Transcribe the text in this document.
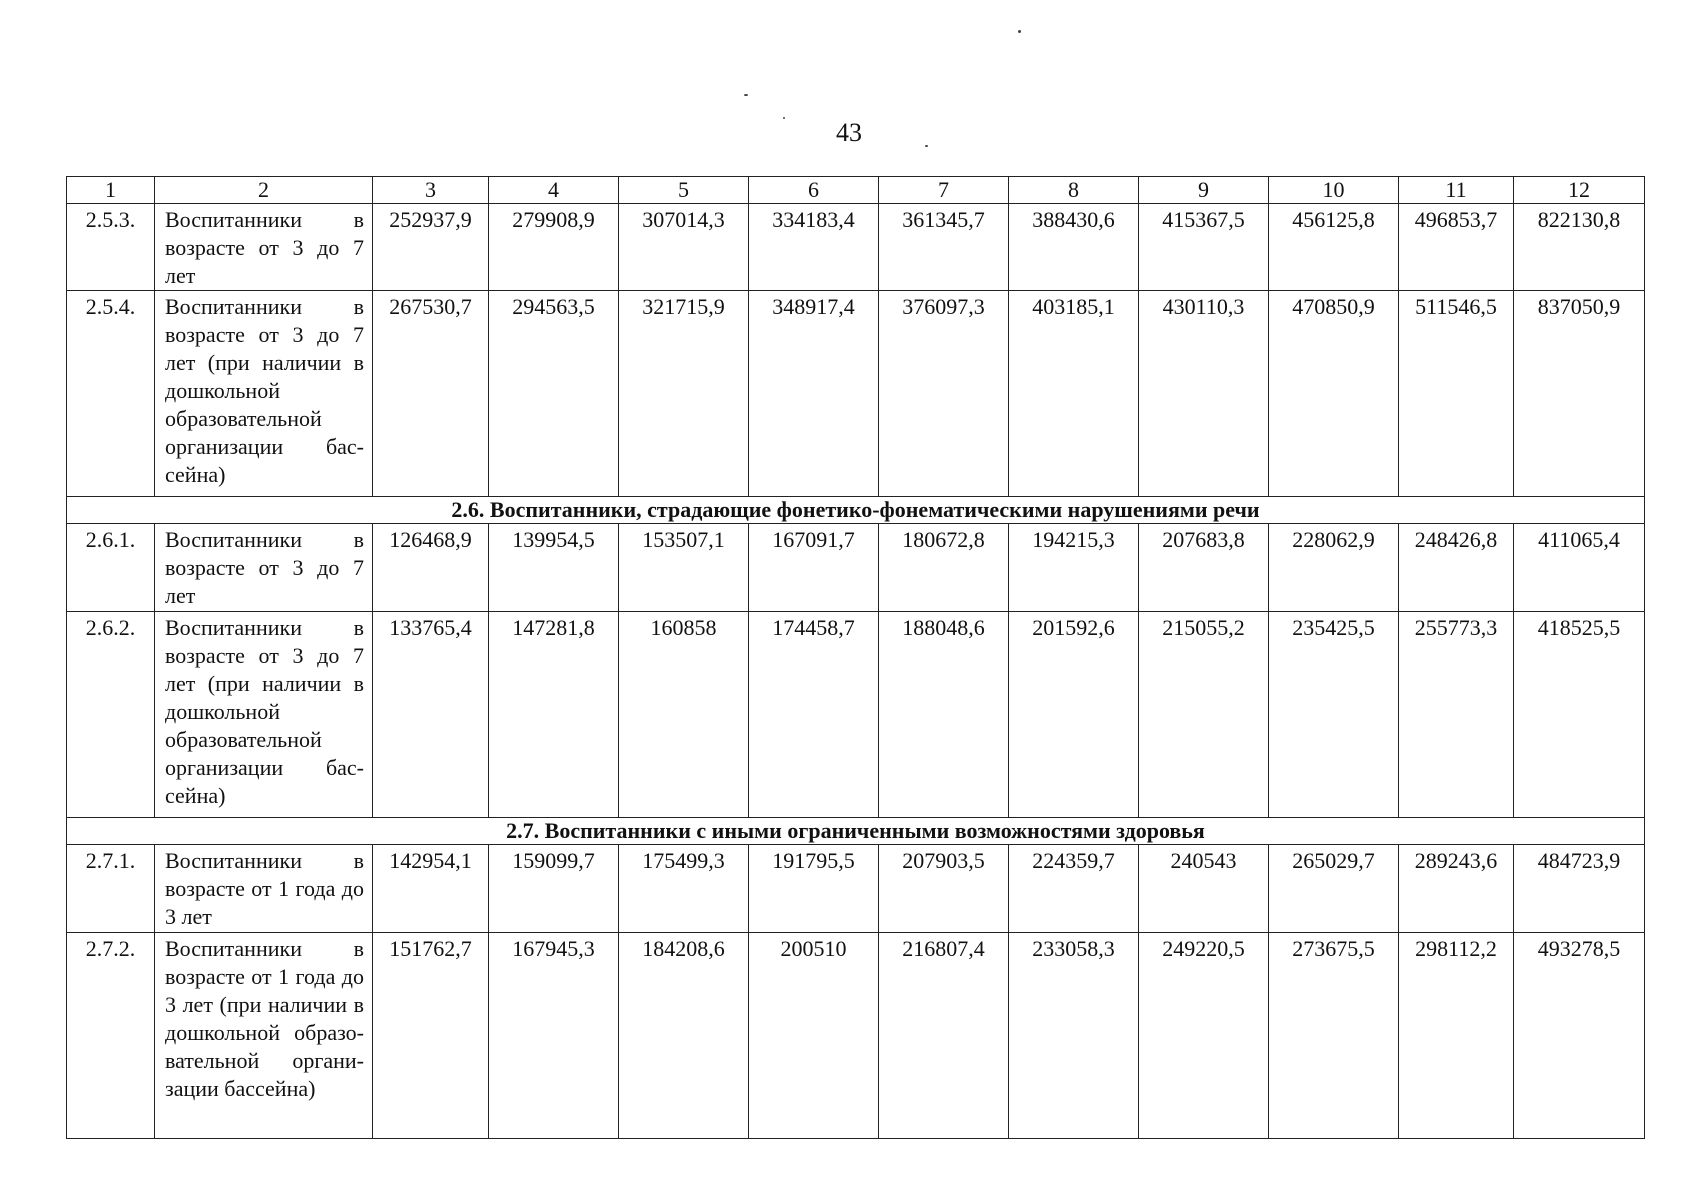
43
1	2	3	4	5	6	7	8	9	10	11	12
2.5.3.	Воспитанники в возрасте от 3 до 7 лет	252937,9	279908,9	307014,3	334183,4	361345,7	388430,6	415367,5	456125,8	496853,7	822130,8
2.5.4.	Воспитанники в возрасте от 3 до 7 лет (при наличии в дошкольной образовательной организации бассейна)	267530,7	294563,5	321715,9	348917,4	376097,3	403185,1	430110,3	470850,9	511546,5	837050,9
2.6. Воспитанники, страдающие фонетико-фонематическими нарушениями речи											
2.6.1.	Воспитанники в возрасте от 3 до 7 лет	126468,9	139954,5	153507,1	167091,7	180672,8	194215,3	207683,8	228062,9	248426,8	411065,4
2.6.2.	Воспитанники в возрасте от 3 до 7 лет (при наличии в дошкольной образовательной организации бассейна)	133765,4	147281,8	160858	174458,7	188048,6	201592,6	215055,2	235425,5	255773,3	418525,5
2.7. Воспитанники с иными ограниченными возможностями здоровья											
2.7.1.	Воспитанники в возрасте от 1 года до 3 лет	142954,1	159099,7	175499,3	191795,5	207903,5	224359,7	240543	265029,7	289243,6	484723,9
2.7.2.	Воспитанники в возрасте от 1 года до 3 лет (при наличии в дошкольной образовательной организации бассейна)	151762,7	167945,3	184208,6	200510	216807,4	233058,3	249220,5	273675,5	298112,2	493278,5
